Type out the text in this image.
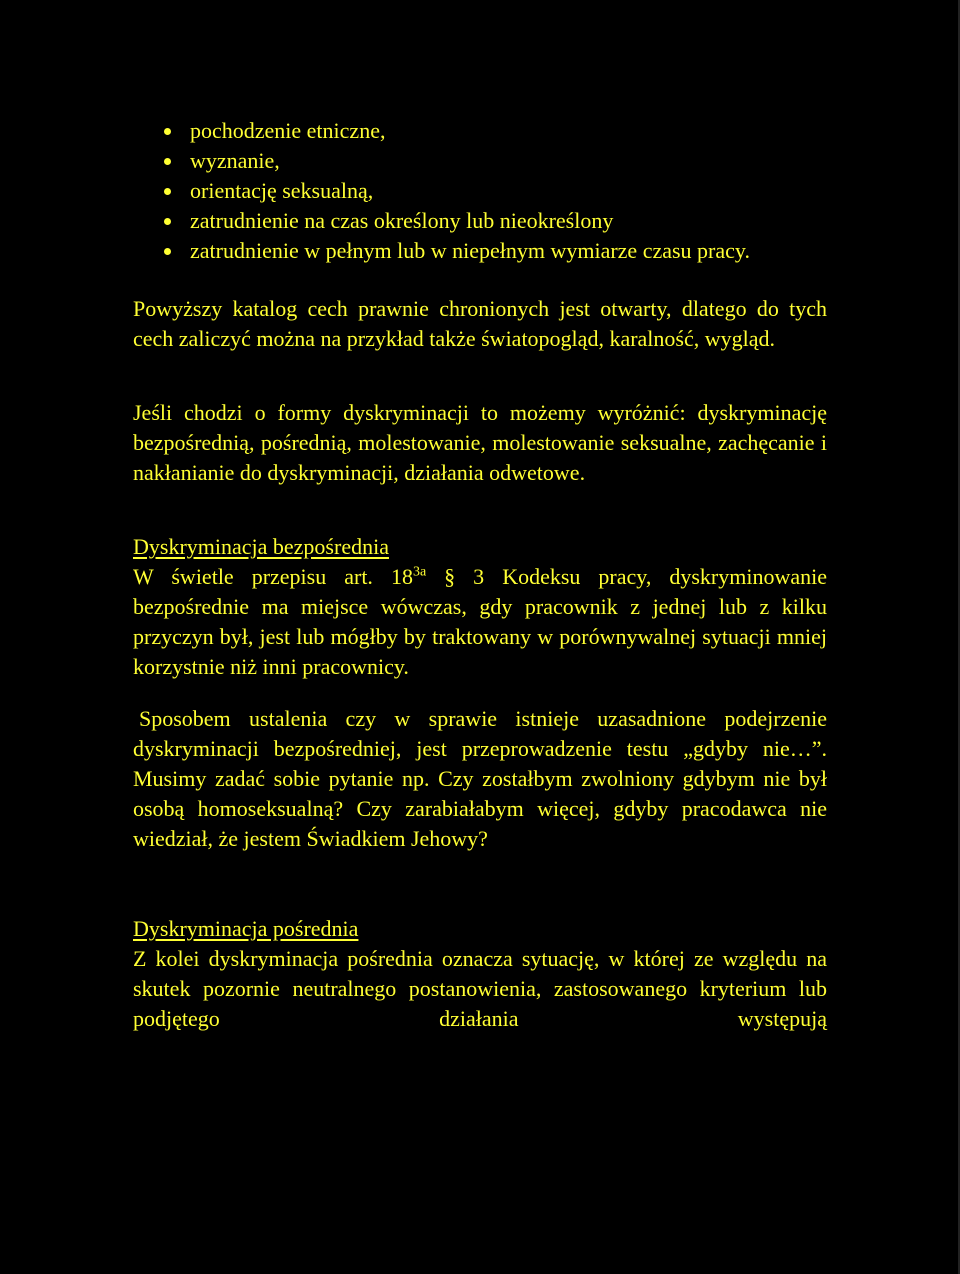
pochodzenie etniczne,
wyznanie,
orientację seksualną,
zatrudnienie na czas określony lub nieokreślony
zatrudnienie w pełnym lub w niepełnym wymiarze czasu pracy.

Powyższy katalog cech prawnie chronionych jest otwarty, dlatego do tych cech zaliczyć można na przykład także światopogląd, karalność, wygląd.

Jeśli chodzi o formy dyskryminacji to możemy wyróżnić: dyskryminację bezpośrednią, pośrednią, molestowanie, molestowanie seksualne, zachęcanie i nakłanianie do dyskryminacji, działania odwetowe.

Dyskryminacja bezpośrednia

W świetle przepisu art. $18^{3a}$ § 3 Kodeksu pracy, dyskryminowanie bezpośrednie ma miejsce wówczas, gdy pracownik z jednej lub z kilku przyczyn był, jest lub mógłby by traktowany w porównywalnej sytuacji mniej korzystnie niż inni pracownicy.

Sposobem ustalenia czy w sprawie istnieje uzasadnione podejrzenie dyskryminacji bezpośredniej, jest przeprowadzenie testu „gdyby nie…”. Musimy zadać sobie pytanie np. Czy zostałbym zwolniony gdybym nie był osobą homoseksualną? Czy zarabiałabym więcej, gdyby pracodawca nie wiedział, że jestem Świadkiem Jehowy?

Dyskryminacja pośrednia

Z kolei dyskryminacja pośrednia oznacza sytuację, w której ze względu na skutek pozornie neutralnego postanowienia, zastosowanego kryterium lub podjętego działania występują
